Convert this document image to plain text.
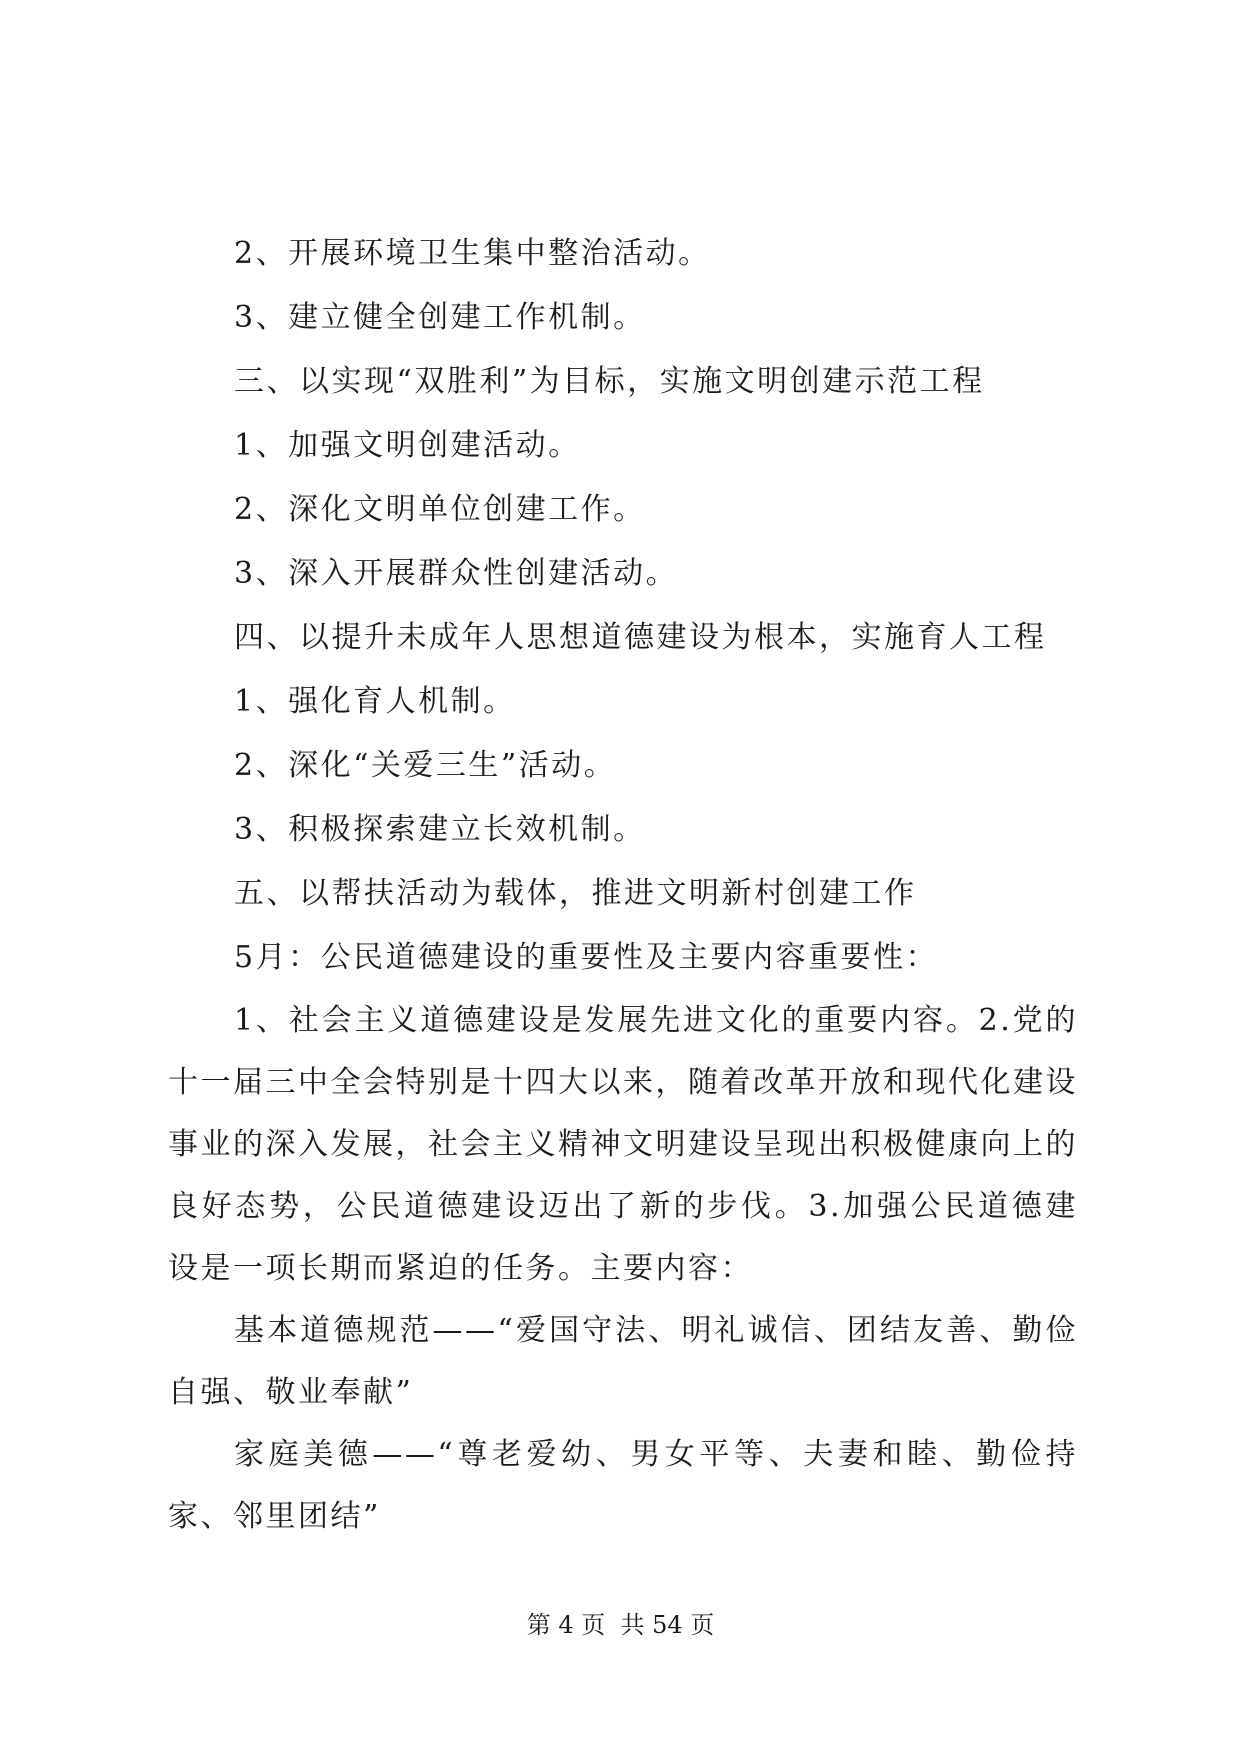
2、开展环境卫生集中整治活动。
3、建立健全创建工作机制。
三、以实现“双胜利”为目标，实施文明创建示范工程
1、加强文明创建活动。
2、深化文明单位创建工作。
3、深入开展群众性创建活动。
四、以提升未成年人思想道德建设为根本，实施育人工程
1、强化育人机制。
2、深化“关爱三生”活动。
3、积极探索建立长效机制。
五、以帮扶活动为载体，推进文明新村创建工作
5月：公民道德建设的重要性及主要内容重要性：

1、社会主义道德建设是发展先进文化的重要内容。2.党的十一届三中全会特别是十四大以来，随着改革开放和现代化建设事业的深入发展，社会主义精神文明建设呈现出积极健康向上的良好态势，公民道德建设迈出了新的步伐。3.加强公民道德建设是一项长期而紧迫的任务。主要内容：

基本道德规范——“爱国守法、明礼诚信、团结友善、勤俭自强、敬业奉献”

家庭美德——“尊老爱幼、男女平等、夫妻和睦、勤俭持家、邻里团结”

第 4 页  共 54 页
